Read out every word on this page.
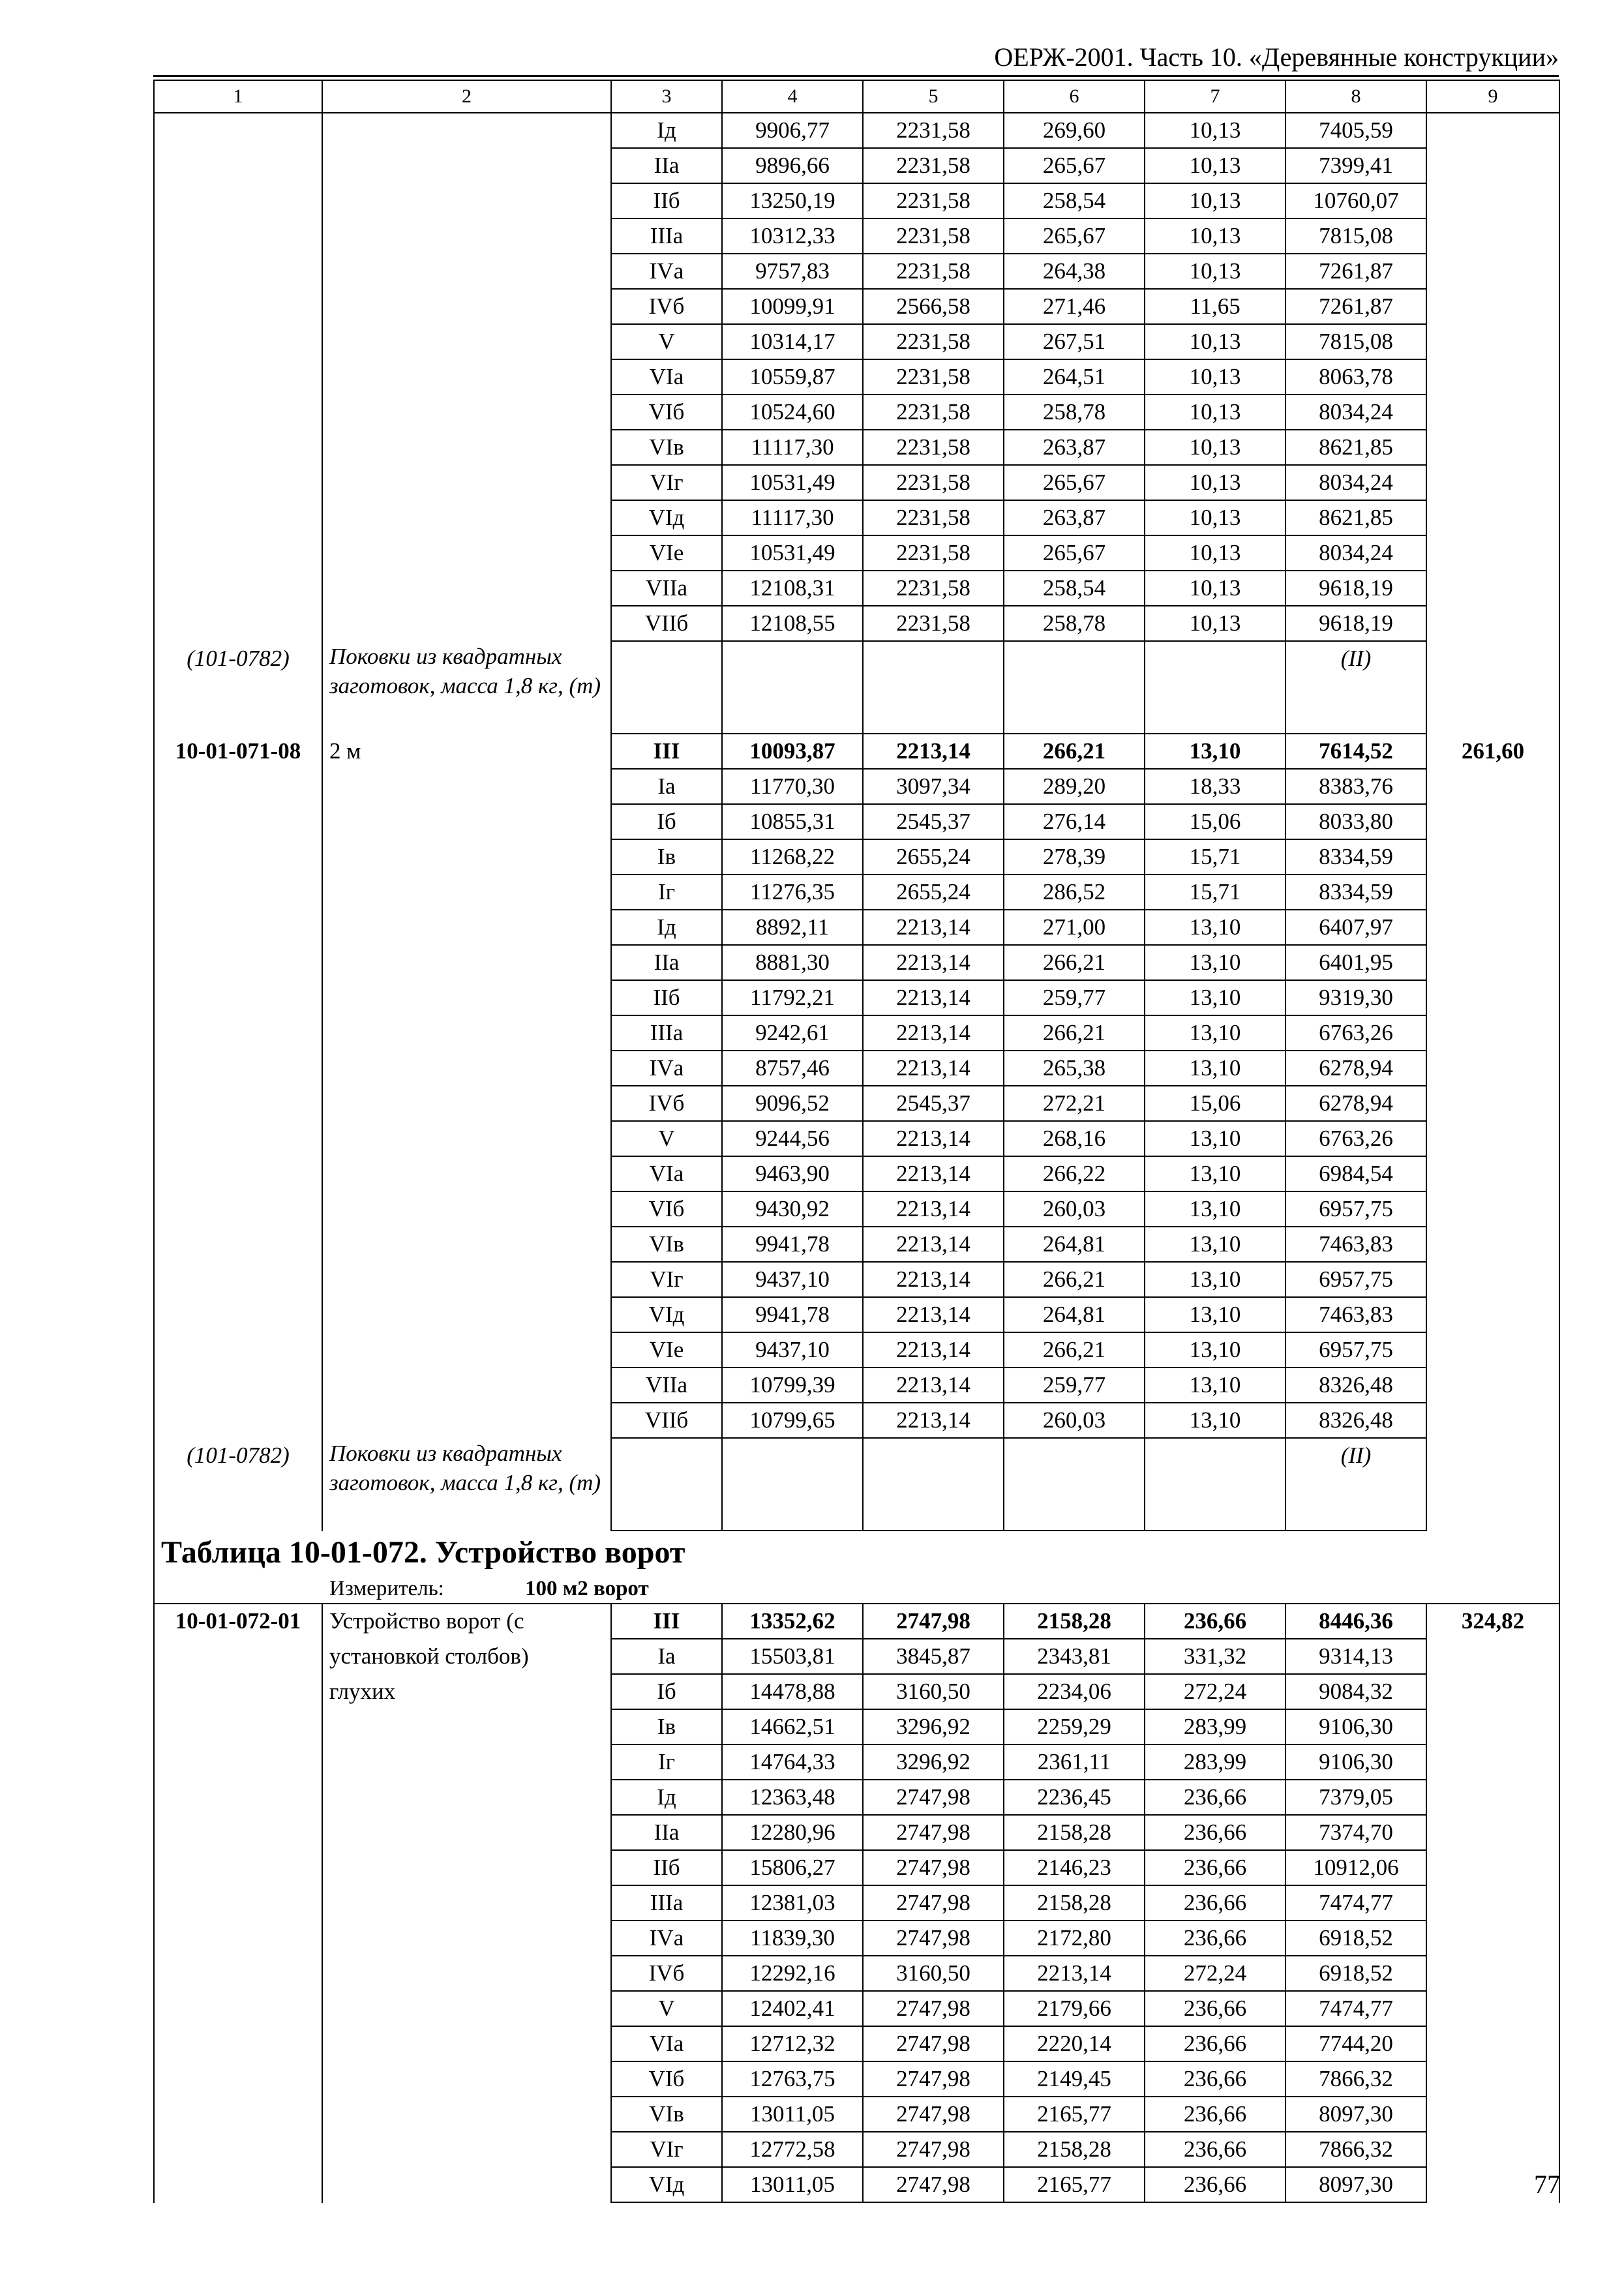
ОЕРЖ-2001. Часть 10. «Деревянные конструкции»
1	2	3	4	5	6	7	8	9
		Iд	9906,77	2231,58	269,60	10,13	7405,59	
		IIа	9896,66	2231,58	265,67	10,13	7399,41	
		IIб	13250,19	2231,58	258,54	10,13	10760,07	
		IIIа	10312,33	2231,58	265,67	10,13	7815,08	
		IVа	9757,83	2231,58	264,38	10,13	7261,87	
		IVб	10099,91	2566,58	271,46	11,65	7261,87	
		V	10314,17	2231,58	267,51	10,13	7815,08	
		VIа	10559,87	2231,58	264,51	10,13	8063,78	
		VIб	10524,60	2231,58	258,78	10,13	8034,24	
		VIв	11117,30	2231,58	263,87	10,13	8621,85	
		VIг	10531,49	2231,58	265,67	10,13	8034,24	
		VIд	11117,30	2231,58	263,87	10,13	8621,85	
		VIе	10531,49	2231,58	265,67	10,13	8034,24	
		VIIа	12108,31	2231,58	258,54	10,13	9618,19	
		VIIб	12108,55	2231,58	258,78	10,13	9618,19	
(101-0782)	Поковки из квадратных заготовок, масса 1,8 кг, (т)						(II)	
10-01-071-08	2 м	III	10093,87	2213,14	266,21	13,10	7614,52	261,60
		Iа	11770,30	3097,34	289,20	18,33	8383,76	
		Iб	10855,31	2545,37	276,14	15,06	8033,80	
		Iв	11268,22	2655,24	278,39	15,71	8334,59	
		Iг	11276,35	2655,24	286,52	15,71	8334,59	
		Iд	8892,11	2213,14	271,00	13,10	6407,97	
		IIа	8881,30	2213,14	266,21	13,10	6401,95	
		IIб	11792,21	2213,14	259,77	13,10	9319,30	
		IIIа	9242,61	2213,14	266,21	13,10	6763,26	
		IVа	8757,46	2213,14	265,38	13,10	6278,94	
		IVб	9096,52	2545,37	272,21	15,06	6278,94	
		V	9244,56	2213,14	268,16	13,10	6763,26	
		VIа	9463,90	2213,14	266,22	13,10	6984,54	
		VIб	9430,92	2213,14	260,03	13,10	6957,75	
		VIв	9941,78	2213,14	264,81	13,10	7463,83	
		VIг	9437,10	2213,14	266,21	13,10	6957,75	
		VIд	9941,78	2213,14	264,81	13,10	7463,83	
		VIе	9437,10	2213,14	266,21	13,10	6957,75	
		VIIа	10799,39	2213,14	259,77	13,10	8326,48	
		VIIб	10799,65	2213,14	260,03	13,10	8326,48	
(101-0782)	Поковки из квадратных заготовок, масса 1,8 кг, (т)						(II)	
Таблица 10-01-072. Устройство ворот								
Измеритель: 100 м2 ворот								
10-01-072-01	Устройство ворот (с	III	13352,62	2747,98	2158,28	236,66	8446,36	324,82
	установкой столбов)	Iа	15503,81	3845,87	2343,81	331,32	9314,13	
	глухих	Iб	14478,88	3160,50	2234,06	272,24	9084,32	
		Iв	14662,51	3296,92	2259,29	283,99	9106,30	
		Iг	14764,33	3296,92	2361,11	283,99	9106,30	
		Iд	12363,48	2747,98	2236,45	236,66	7379,05	
		IIа	12280,96	2747,98	2158,28	236,66	7374,70	
		IIб	15806,27	2747,98	2146,23	236,66	10912,06	
		IIIа	12381,03	2747,98	2158,28	236,66	7474,77	
		IVа	11839,30	2747,98	2172,80	236,66	6918,52	
		IVб	12292,16	3160,50	2213,14	272,24	6918,52	
		V	12402,41	2747,98	2179,66	236,66	7474,77	
		VIа	12712,32	2747,98	2220,14	236,66	7744,20	
		VIб	12763,75	2747,98	2149,45	236,66	7866,32	
		VIв	13011,05	2747,98	2165,77	236,66	8097,30	
		VIг	12772,58	2747,98	2158,28	236,66	7866,32	
		VIд	13011,05	2747,98	2165,77	236,66	8097,30		77
